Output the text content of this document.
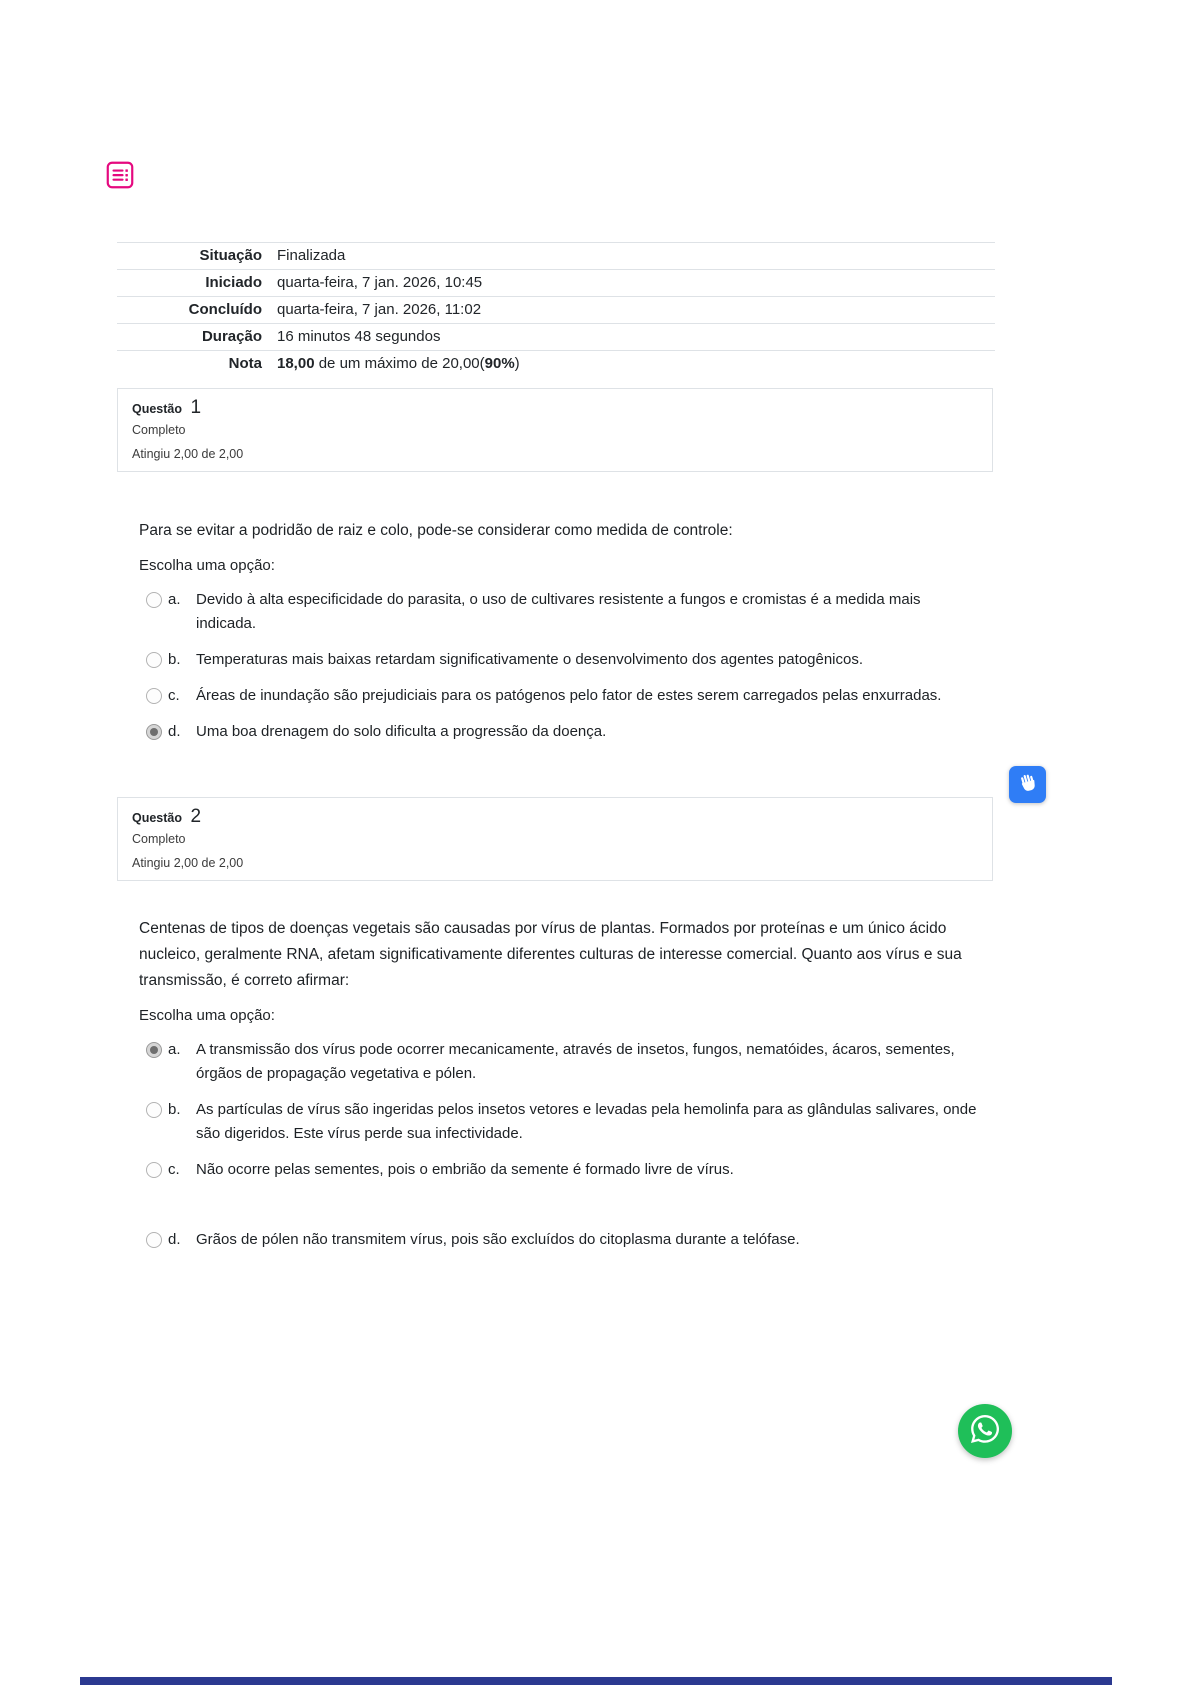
Situação	Finalizada
Iniciado	quarta-feira, 7 jan. 2026, 10:45
Concluído	quarta-feira, 7 jan. 2026, 11:02
Duração	16 minutos 48 segundos
Nota	18,00 de um máximo de 20,00(90%)
Questão 1
Completo
Atingiu 2,00 de 2,00

Para se evitar a podridão de raiz e colo, pode-se considerar como medida de controle:

Escolha uma opção:

a.	Devido à alta especificidade do parasita, o uso de cultivares resistente a fungos e cromistas é a medida mais indicada.
b.	Temperaturas mais baixas retardam significativamente o desenvolvimento dos agentes patogênicos.
c.	Áreas de inundação são prejudiciais para os patógenos pelo fator de estes serem carregados pelas enxurradas.
d.	Uma boa drenagem do solo dificulta a progressão da doença.
Questão 2
Completo
Atingiu 2,00 de 2,00

Centenas de tipos de doenças vegetais são causadas por vírus de plantas. Formados por proteínas e um único ácido nucleico, geralmente RNA, afetam significativamente diferentes culturas de interesse comercial. Quanto aos vírus e sua transmissão, é correto afirmar:

Escolha uma opção:

a.	A transmissão dos vírus pode ocorrer mecanicamente, através de insetos, fungos, nematóides, ácaros, sementes, órgãos de propagação vegetativa e pólen.
b.	As partículas de vírus são ingeridas pelos insetos vetores e levadas pela hemolinfa para as glândulas salivares, onde são digeridos. Este vírus perde sua infectividade.
c.	Não ocorre pelas sementes, pois o embrião da semente é formado livre de vírus.
d.	Grãos de pólen não transmitem vírus, pois são excluídos do citoplasma durante a telófase.
